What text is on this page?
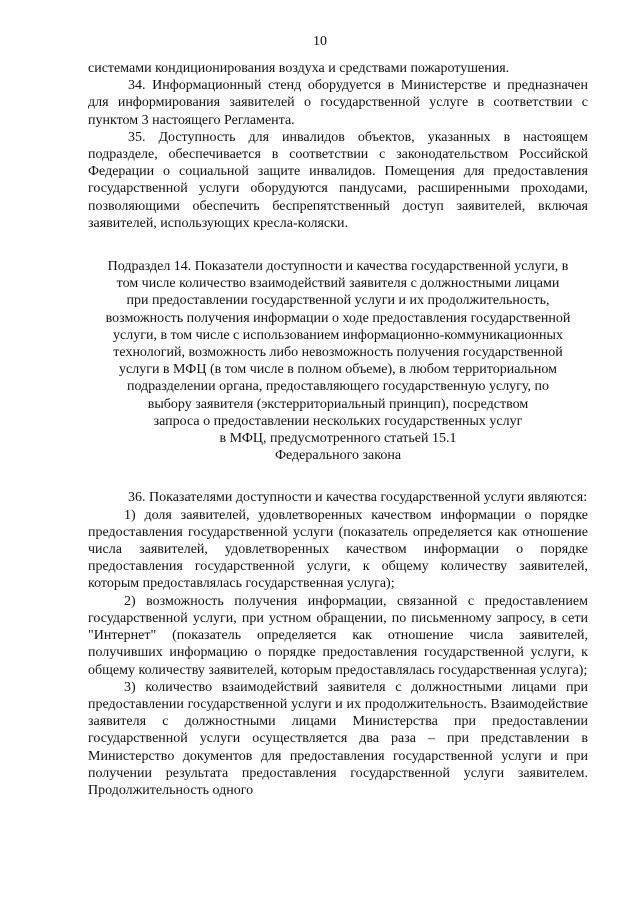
10

системами кондиционирования воздуха и средствами пожаротушения.

34. Информационный стенд оборудуется в Министерстве и предназначен для информирования заявителей о государственной услуге в соответствии с пунктом 3 настоящего Регламента.

35. Доступность для инвалидов объектов, указанных в настоящем подразделе, обеспечивается в соответствии с законодательством Российской Федерации о социальной защите инвалидов. Помещения для предоставления государственной услуги оборудуются пандусами, расширенными проходами, позволяющими обеспечить беспрепятственный доступ заявителей, включая заявителей, использующих кресла-коляски.

Подраздел 14. Показатели доступности и качества государственной услуги, в
том числе количество взаимодействий заявителя с должностными лицами
при предоставлении государственной услуги и их продолжительность,
возможность получения информации о ходе предоставления государственной
услуги, в том числе с использованием информационно-коммуникационных
технологий, возможность либо невозможность получения государственной
услуги в МФЦ (в том числе в полном объеме), в любом территориальном
подразделении органа, предоставляющего государственную услугу, по
выбору заявителя (экстерриториальный принцип), посредством
запроса о предоставлении нескольких государственных услуг
в МФЦ, предусмотренного статьей 15.1
Федерального закона

36. Показателями доступности и качества государственной услуги являются:

1) доля заявителей, удовлетворенных качеством информации о порядке предоставления государственной услуги (показатель определяется как отношение числа заявителей, удовлетворенных качеством информации о порядке предоставления государственной услуги, к общему количеству заявителей, которым предоставлялась государственная услуга);

2) возможность получения информации, связанной с предоставлением государственной услуги, при устном обращении, по письменному запросу, в сети "Интернет" (показатель определяется как отношение числа заявителей, получивших информацию о порядке предоставления государственной услуги, к общему количеству заявителей, которым предоставлялась государственная услуга);

3) количество взаимодействий заявителя с должностными лицами при предоставлении государственной услуги и их продолжительность. Взаимодействие заявителя с должностными лицами Министерства при предоставлении государственной услуги осуществляется два раза – при представлении в Министерство документов для предоставления государственной услуги и при получении результата предоставления государственной услуги заявителем. Продолжительность одного
